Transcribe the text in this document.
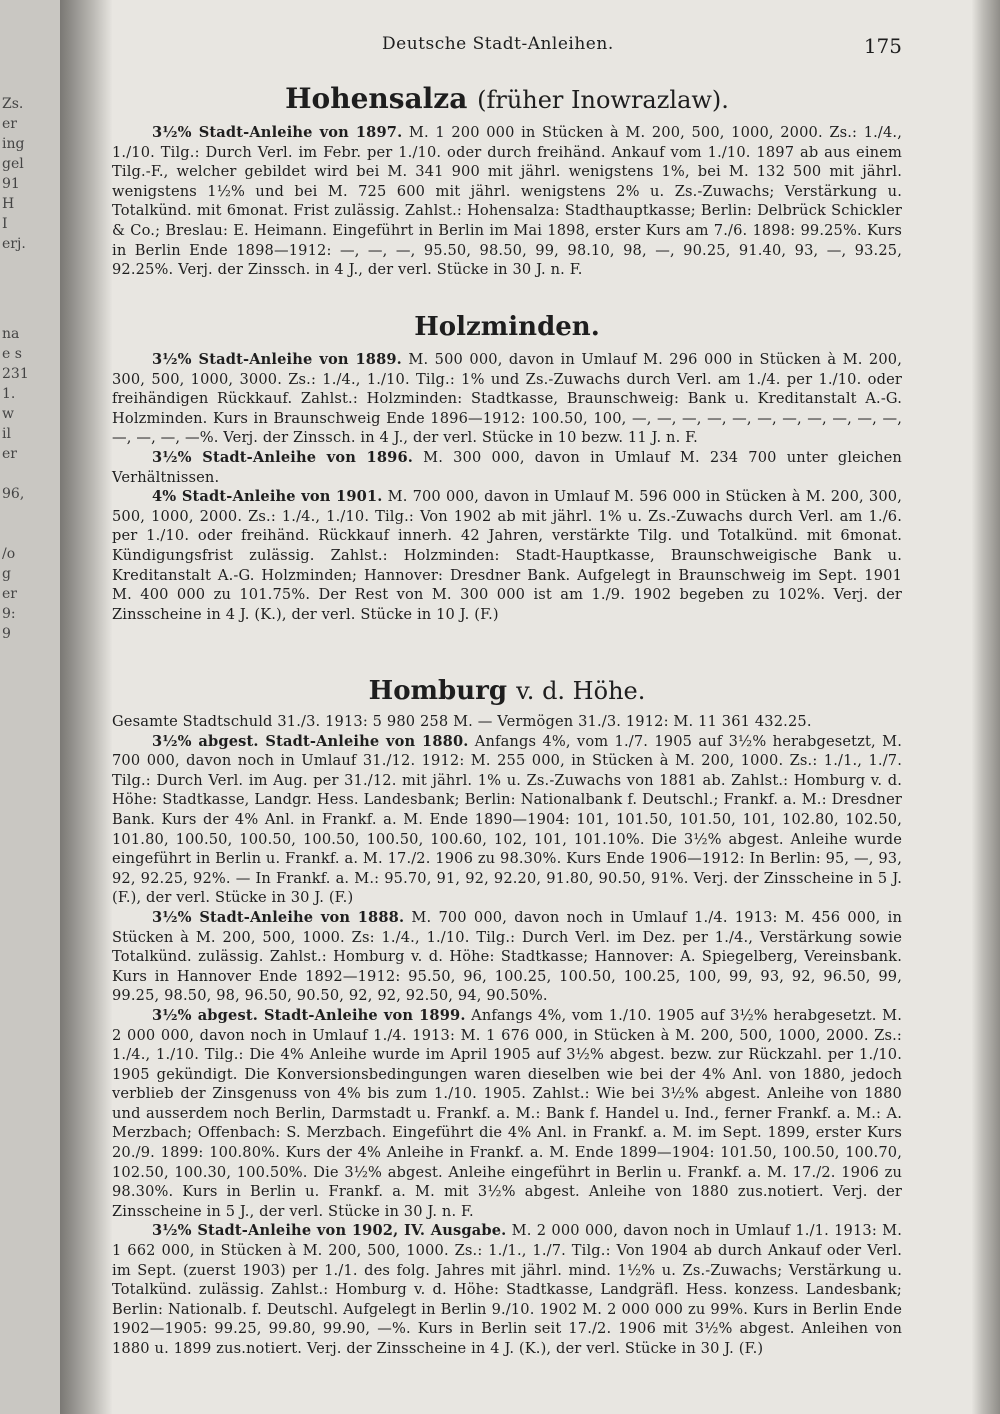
Zs.
er
ing
gel
91
H
I
erj.
na
e s
231
1.
w
il
er
96,
/o
g
er
9:
9
Deutsche Stadt-Anleihen.	175
Hohensalza (früher Inowrazlaw).

3½% Stadt-Anleihe von 1897. M. 1 200 000 in Stücken à M. 200, 500, 1000, 2000. Zs.: 1./4., 1./10. Tilg.: Durch Verl. im Febr. per 1./10. oder durch freihänd. Ankauf vom 1./10. 1897 ab aus einem Tilg.-F., welcher gebildet wird bei M. 341 900 mit jährl. wenigstens 1%, bei M. 132 500 mit jährl. wenigstens 1½% und bei M. 725 600 mit jährl. wenigstens 2% u. Zs.-Zuwachs; Verstärkung u. Totalkünd. mit 6monat. Frist zulässig. Zahlst.: Hohensalza: Stadthauptkasse; Berlin: Delbrück Schickler & Co.; Breslau: E. Heimann. Eingeführt in Berlin im Mai 1898, erster Kurs am 7./6. 1898: 99.25%. Kurs in Berlin Ende 1898—1912: —, —, —, 95.50, 98.50, 99, 98.10, 98, —, 90.25, 91.40, 93, —, 93.25, 92.25%. Verj. der Zinssch. in 4 J., der verl. Stücke in 30 J. n. F.

Holzminden.

3½% Stadt-Anleihe von 1889. M. 500 000, davon in Umlauf M. 296 000 in Stücken à M. 200, 300, 500, 1000, 3000. Zs.: 1./4., 1./10. Tilg.: 1% und Zs.-Zuwachs durch Verl. am 1./4. per 1./10. oder freihändigen Rückkauf. Zahlst.: Holzminden: Stadtkasse, Braunschweig: Bank u. Kreditanstalt A.-G. Holzminden. Kurs in Braunschweig Ende 1896—1912: 100.50, 100, —, —, —, —, —, —, —, —, —, —, —, —, —, —, —%. Verj. der Zinssch. in 4 J., der verl. Stücke in 10 bezw. 11 J. n. F.

3½% Stadt-Anleihe von 1896. M. 300 000, davon in Umlauf M. 234 700 unter gleichen Verhältnissen.

4% Stadt-Anleihe von 1901. M. 700 000, davon in Umlauf M. 596 000 in Stücken à M. 200, 300, 500, 1000, 2000. Zs.: 1./4., 1./10. Tilg.: Von 1902 ab mit jährl. 1% u. Zs.-Zuwachs durch Verl. am 1./6. per 1./10. oder freihänd. Rückkauf innerh. 42 Jahren, verstärkte Tilg. und Totalkünd. mit 6monat. Kündigungsfrist zulässig. Zahlst.: Holzminden: Stadt-Hauptkasse, Braunschweigische Bank u. Kreditanstalt A.-G. Holzminden; Hannover: Dresdner Bank. Aufgelegt in Braunschweig im Sept. 1901 M. 400 000 zu 101.75%. Der Rest von M. 300 000 ist am 1./9. 1902 begeben zu 102%. Verj. der Zinsscheine in 4 J. (K.), der verl. Stücke in 10 J. (F.)

Homburg v. d. Höhe.

Gesamte Stadtschuld 31./3. 1913: 5 980 258 M. — Vermögen 31./3. 1912: M. 11 361 432.25.

3½% abgest. Stadt-Anleihe von 1880. Anfangs 4%, vom 1./7. 1905 auf 3½% herabgesetzt, M. 700 000, davon noch in Umlauf 31./12. 1912: M. 255 000, in Stücken à M. 200, 1000. Zs.: 1./1., 1./7. Tilg.: Durch Verl. im Aug. per 31./12. mit jährl. 1% u. Zs.-Zuwachs von 1881 ab. Zahlst.: Homburg v. d. Höhe: Stadtkasse, Landgr. Hess. Landesbank; Berlin: Nationalbank f. Deutschl.; Frankf. a. M.: Dresdner Bank. Kurs der 4% Anl. in Frankf. a. M. Ende 1890—1904: 101, 101.50, 101.50, 101, 102.80, 102.50, 101.80, 100.50, 100.50, 100.50, 100.50, 100.60, 102, 101, 101.10%. Die 3½% abgest. Anleihe wurde eingeführt in Berlin u. Frankf. a. M. 17./2. 1906 zu 98.30%. Kurs Ende 1906—1912: In Berlin: 95, —, 93, 92, 92.25, 92%. — In Frankf. a. M.: 95.70, 91, 92, 92.20, 91.80, 90.50, 91%. Verj. der Zinsscheine in 5 J. (F.), der verl. Stücke in 30 J. (F.)

3½% Stadt-Anleihe von 1888. M. 700 000, davon noch in Umlauf 1./4. 1913: M. 456 000, in Stücken à M. 200, 500, 1000. Zs: 1./4., 1./10. Tilg.: Durch Verl. im Dez. per 1./4., Verstärkung sowie Totalkünd. zulässig. Zahlst.: Homburg v. d. Höhe: Stadtkasse; Hannover: A. Spiegelberg, Vereinsbank. Kurs in Hannover Ende 1892—1912: 95.50, 96, 100.25, 100.50, 100.25, 100, 99, 93, 92, 96.50, 99, 99.25, 98.50, 98, 96.50, 90.50, 92, 92, 92.50, 94, 90.50%.

3½% abgest. Stadt-Anleihe von 1899. Anfangs 4%, vom 1./10. 1905 auf 3½% herabgesetzt. M. 2 000 000, davon noch in Umlauf 1./4. 1913: M. 1 676 000, in Stücken à M. 200, 500, 1000, 2000. Zs.: 1./4., 1./10. Tilg.: Die 4% Anleihe wurde im April 1905 auf 3½% abgest. bezw. zur Rückzahl. per 1./10. 1905 gekündigt. Die Konversionsbedingungen waren dieselben wie bei der 4% Anl. von 1880, jedoch verblieb der Zinsgenuss von 4% bis zum 1./10. 1905. Zahlst.: Wie bei 3½% abgest. Anleihe von 1880 und ausserdem noch Berlin, Darmstadt u. Frankf. a. M.: Bank f. Handel u. Ind., ferner Frankf. a. M.: A. Merzbach; Offenbach: S. Merzbach. Eingeführt die 4% Anl. in Frankf. a. M. im Sept. 1899, erster Kurs 20./9. 1899: 100.80%. Kurs der 4% Anleihe in Frankf. a. M. Ende 1899—1904: 101.50, 100.50, 100.70, 102.50, 100.30, 100.50%. Die 3½% abgest. Anleihe eingeführt in Berlin u. Frankf. a. M. 17./2. 1906 zu 98.30%. Kurs in Berlin u. Frankf. a. M. mit 3½% abgest. Anleihe von 1880 zus.notiert. Verj. der Zinsscheine in 5 J., der verl. Stücke in 30 J. n. F.

3½% Stadt-Anleihe von 1902, IV. Ausgabe. M. 2 000 000, davon noch in Umlauf 1./1. 1913: M. 1 662 000, in Stücken à M. 200, 500, 1000. Zs.: 1./1., 1./7. Tilg.: Von 1904 ab durch Ankauf oder Verl. im Sept. (zuerst 1903) per 1./1. des folg. Jahres mit jährl. mind. 1½% u. Zs.-Zuwachs; Verstärkung u. Totalkünd. zulässig. Zahlst.: Homburg v. d. Höhe: Stadtkasse, Landgräfl. Hess. konzess. Landesbank; Berlin: Nationalb. f. Deutschl. Aufgelegt in Berlin 9./10. 1902 M. 2 000 000 zu 99%. Kurs in Berlin Ende 1902—1905: 99.25, 99.80, 99.90, —%. Kurs in Berlin seit 17./2. 1906 mit 3½% abgest. Anleihen von 1880 u. 1899 zus.notiert. Verj. der Zinsscheine in 4 J. (K.), der verl. Stücke in 30 J. (F.)
